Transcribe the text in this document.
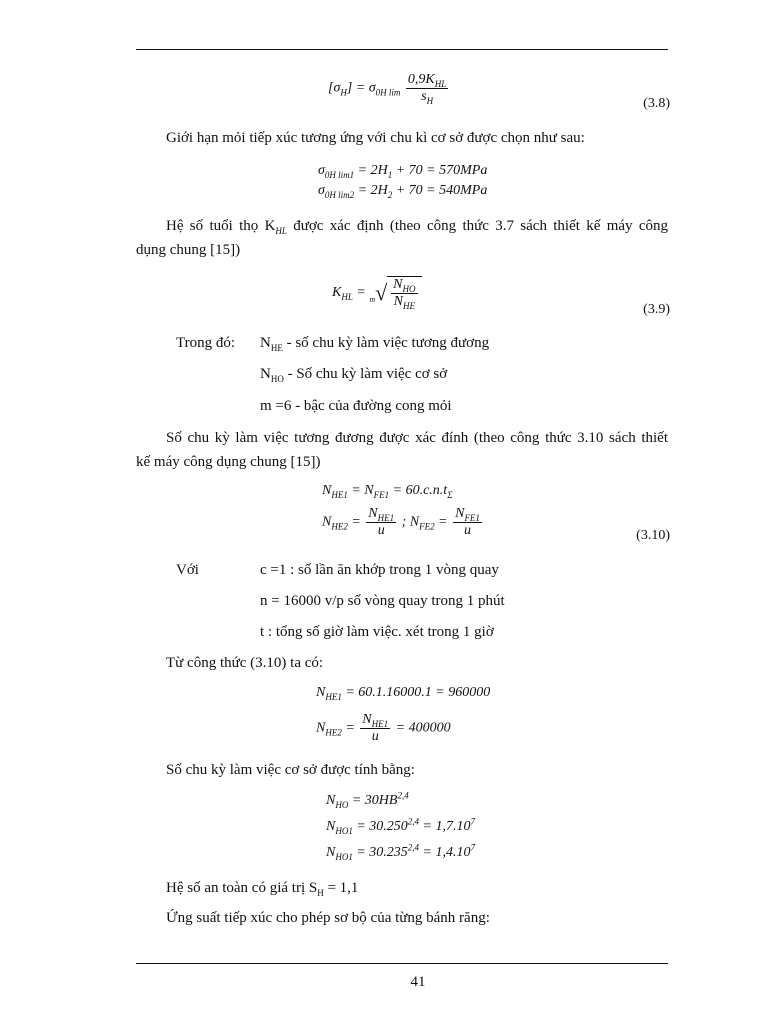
$[\sigma_H] = \sigma_{0H lim} \frac{0,9K_{HL}}{s_H}$	(3.8)
Giới hạn mỏi tiếp xúc tương ứng với chu kì cơ sở được chọn như sau:
$\sigma_{0H lim1} = 2H_1 + 70 = 570MPa$
$\sigma_{0H lim2} = 2H_2 + 70 = 540MPa$
Hệ số tuổi thọ $K_{HL}$ được xác định (theo công thức 3.7 sách thiết kế máy công
dụng chung [15])
$K_{HL} = ^m√ \frac{N_{HO}}{N_{HE}}$	(3.9)
Trong đó: $N_{HE}$ - số chu kỳ làm việc tương đương
$N_{HO}$ - Số chu kỳ làm việc cơ sở
m =6 - bậc của đường cong mỏi
Số chu kỳ làm việc tương đương được xác đính (theo công thức 3.10 sách thiết
kế máy công dụng chung [15])
$N_{HE1} = N_{FE1} = 60.c.n.t_\Sigma$
$N_{HE2} = \frac{N_{HE1}}{u}$ ; $N_{FE2} = \frac{N_{FE1}}{u}$	(3.10)
Với	c =1 : số lần ăn khớp trong 1 vòng quay
n = 16000 v/p số vòng quay trong 1 phút
t : tổng số giờ làm việc. xét trong 1 giờ
Từ công thức (3.10) ta có:
$N_{HE1} = 60.1.16000.1 = 960000$
$N_{HE2} = \frac{N_{HE1}}{u} = 400000$
Số chu kỳ làm việc cơ sở được tính bằng:
$N_{HO} = 30HB^{2,4}$
$N_{HO1} = 30.250^{2,4} = 1,7.10^7$
$N_{HO1} = 30.235^{2,4} = 1,4.10^7$
Hệ số an toàn có giá trị $S_H = 1,1$
Ứng suất tiếp xúc cho phép sơ bộ của từng bánh răng:
41
